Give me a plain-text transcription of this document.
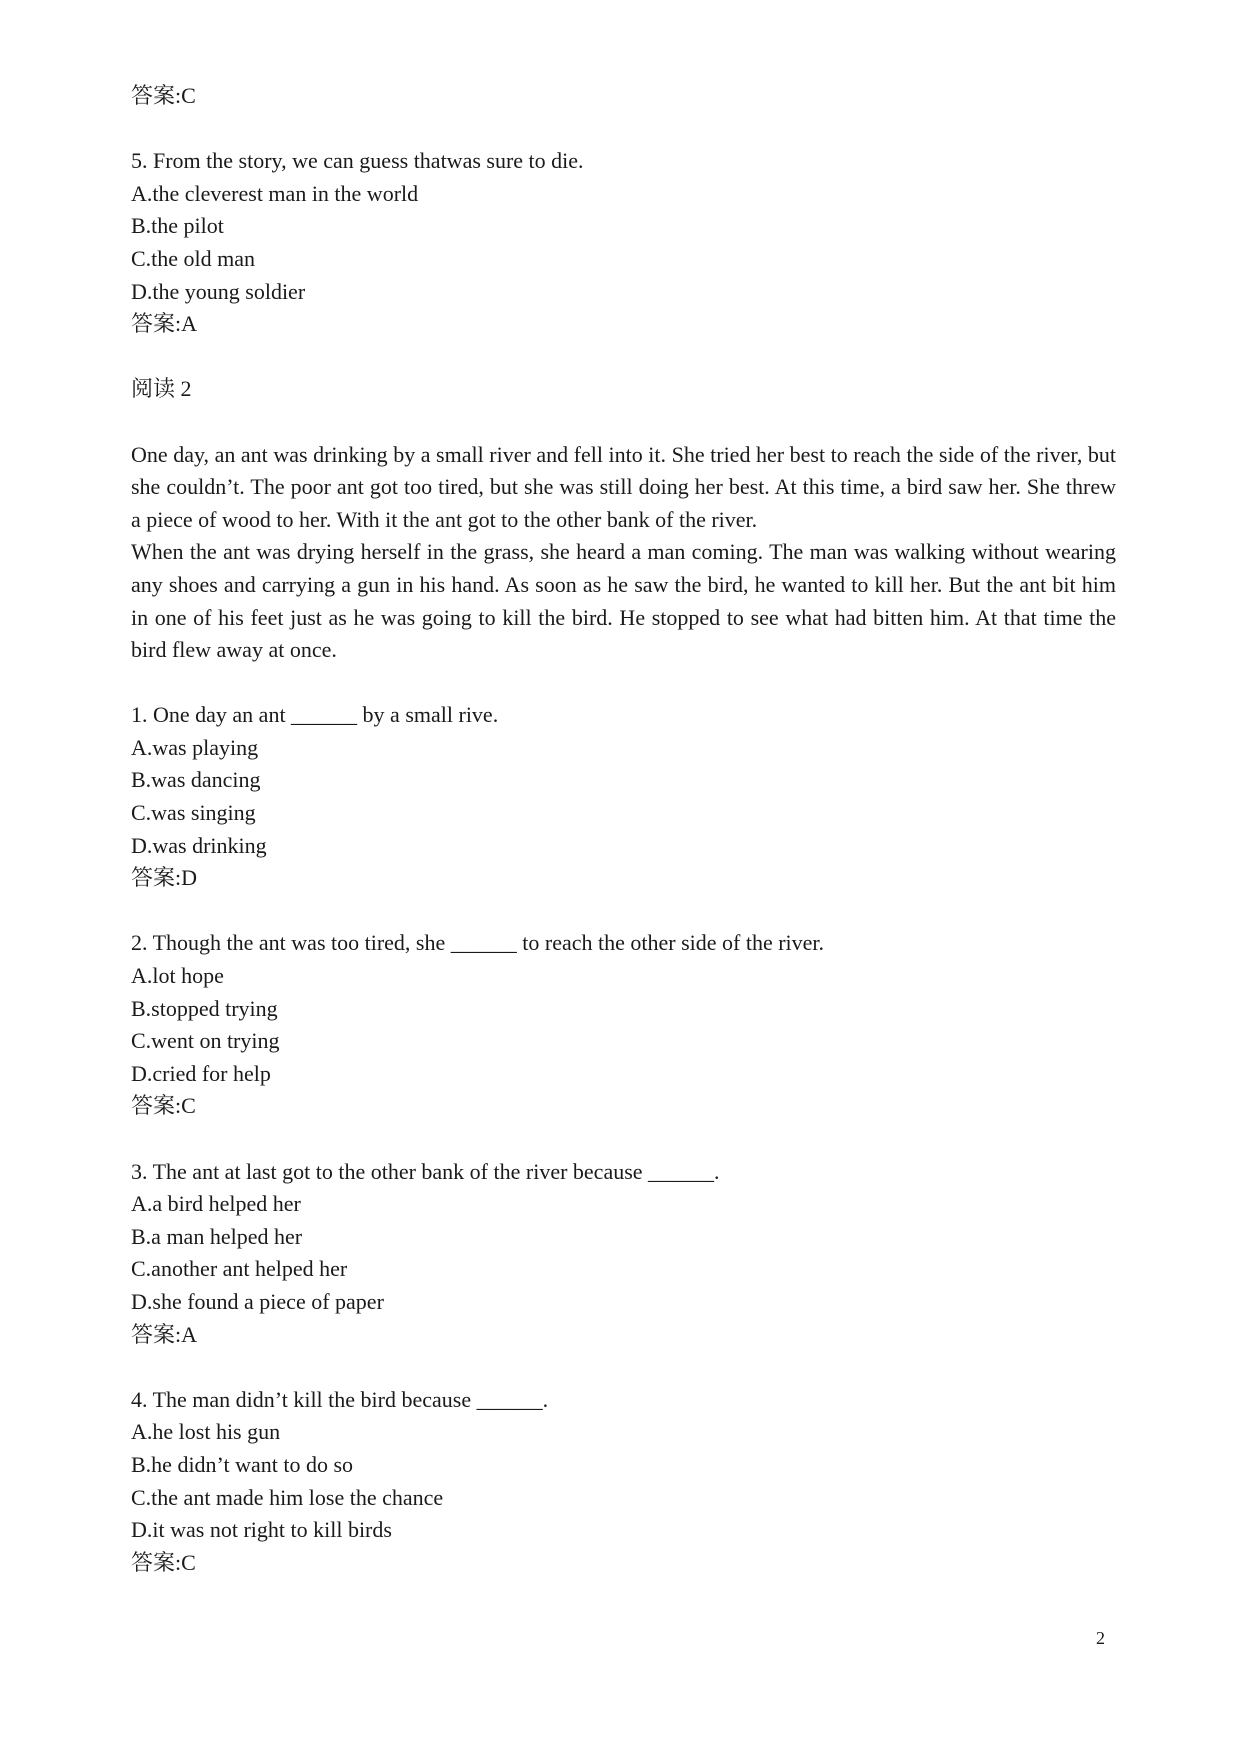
答案:C

5. From the story, we can guess thatwas sure to die.

A.the cleverest man in the world

B.the pilot

C.the old man

D.the young soldier

答案:A

阅读 2

One day, an ant was drinking by a small river and fell into it. She tried her best to reach the side of the river, but she couldn’t. The poor ant got too tired, but she was still doing her best. At this time, a bird saw her. She threw a piece of wood to her. With it the ant got to the other bank of the river.

When the ant was drying herself in the grass, she heard a man coming. The man was walking without wearing any shoes and carrying a gun in his hand. As soon as he saw the bird, he wanted to kill her. But the ant bit him in one of his feet just as he was going to kill the bird. He stopped to see what had bitten him. At that time the bird flew away at once.

1. One day an ant ______ by a small rive.

A.was playing

B.was dancing

C.was singing

D.was drinking

答案:D

2. Though the ant was too tired, she ______ to reach the other side of the river.

A.lot hope

B.stopped trying

C.went on trying

D.cried for help

答案:C

3. The ant at last got to the other bank of the river because ______.

A.a bird helped her

B.a man helped her

C.another ant helped her

D.she found a piece of paper

答案:A

4. The man didn’t kill the bird because ______.

A.he lost his gun

B.he didn’t want to do so

C.the ant made him lose the chance

D.it was not right to kill birds

答案:C

2
